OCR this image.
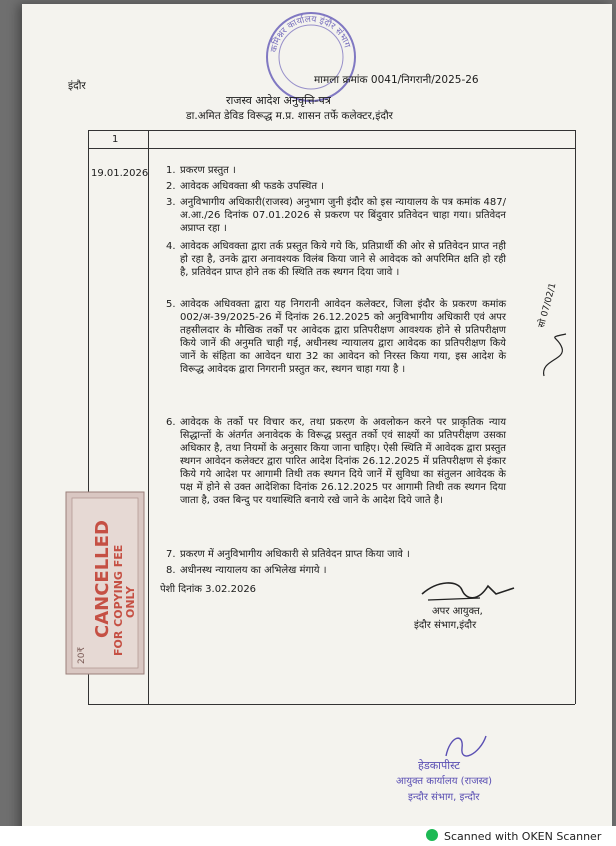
कमिश्नर कार्यालय इंदौर संभाग
इंदौर	मामला क्रमांक 0041/निगरानी/2025-26
राजस्व आदेश अनुवृत्ति-पत्र
डा.अमित डेविड विरूद्ध म.प्र. शासन तर्फे कलेक्टर,इंदौर
1
19.01.2026 1. प्रकरण प्रस्तुत ।
2. आवेदक अधिवक्ता श्री फडके उपस्थित ।
3. अनुविभागीय अधिकारी(राजस्व) अनुभाग जुनी इंदौर को इस न्यायालय के पत्र कमांक 487/अ.आ./26 दिनांक 07.01.2026 से प्रकरण पर बिंदुवार प्रतिवेदन चाहा गया। प्रतिवेदन अप्राप्त रहा ।
4. आवेदक अधिवक्ता द्वारा तर्क प्रस्तुत किये गये कि, प्रतिप्रार्थी की ओर से प्रतिवेदन प्राप्त नही हो रहा है, उनके द्वारा अनावश्यक विलंब किया जाने से आवेदक को अपरिमित क्षति हो रही है, प्रतिवेदन प्राप्त होने तक की स्थिति तक स्थगन दिया जावे ।
5. आवेदक अधिवक्ता द्वारा यह निगरानी आवेदन कलेक्टर, जिला इंदौर के प्रकरण कमांक 002/अ-39/2025-26 में दिनांक 26.12.2025 को अनुविभागीय अधिकारी एवं अपर तहसीलदार के मौखिक तर्कों पर आवेदक द्वारा प्रतिपरीक्षण आवश्यक होने से प्रतिपरीक्षण किये जानें की अनुमति चाही गई, अधीनस्थ न्यायालय द्वारा आवेदक का प्रतिपरीक्षण किये जानें के संहिता का आवेदन धारा 32 का आवेदन को निरस्त किया गया, इस आदेश के विरूद्ध आवेदक द्वारा निगरानी प्रस्तुत कर, स्थगन चाहा गया है ।
6. आवेदक के तर्को पर विचार कर, तथा प्रकरण के अवलोकन करने पर प्राकृतिक न्याय सिद्धान्तों के अंतर्गत अनावेदक के विरूद्ध प्रस्तुत तर्को एवं साक्ष्यों का प्रतिपरीक्षण उसका अधिकार है, तथा नियमों के अनुसार किया जाना चाहिए। ऐसी स्थिति में आवेदक द्वारा प्रस्तुत स्थगन आवेदन कलेक्टर द्वारा पारित आदेश दिनांक 26.12.2025 में प्रतिपरीक्षण से इंकार किये गये आदेश पर आगामी तिथी तक स्थगन दिये जानें में सुविधा का संतुलन आवेदक के पक्ष में होने से उक्त आदेशिका दिनांक 26.12.2025 पर आगामी तिथी तक स्थगन दिया जाता है, उक्त बिन्दु पर यथास्थिति बनाये रखे जाने के आदेश दिये जाते है।
7. प्रकरण में अनुविभागीय अधिकारी से प्रतिवेदन प्राप्त किया जावे ।
8. अधीनस्थ न्यायालय का अभिलेख मंगाये ।
पेशी दिनांक 3.02.2026
अपर आयुक्त,
इंदौर संभाग,इंदौर
सो 07/02/1
CANCELLED FOR COPYING FEE ONLY
20₹
हेडकापीस्ट
आयुक्त कार्यालय (राजस्व)
इन्दौर संभाग, इन्दौर
Scanned with OKEN Scanner
